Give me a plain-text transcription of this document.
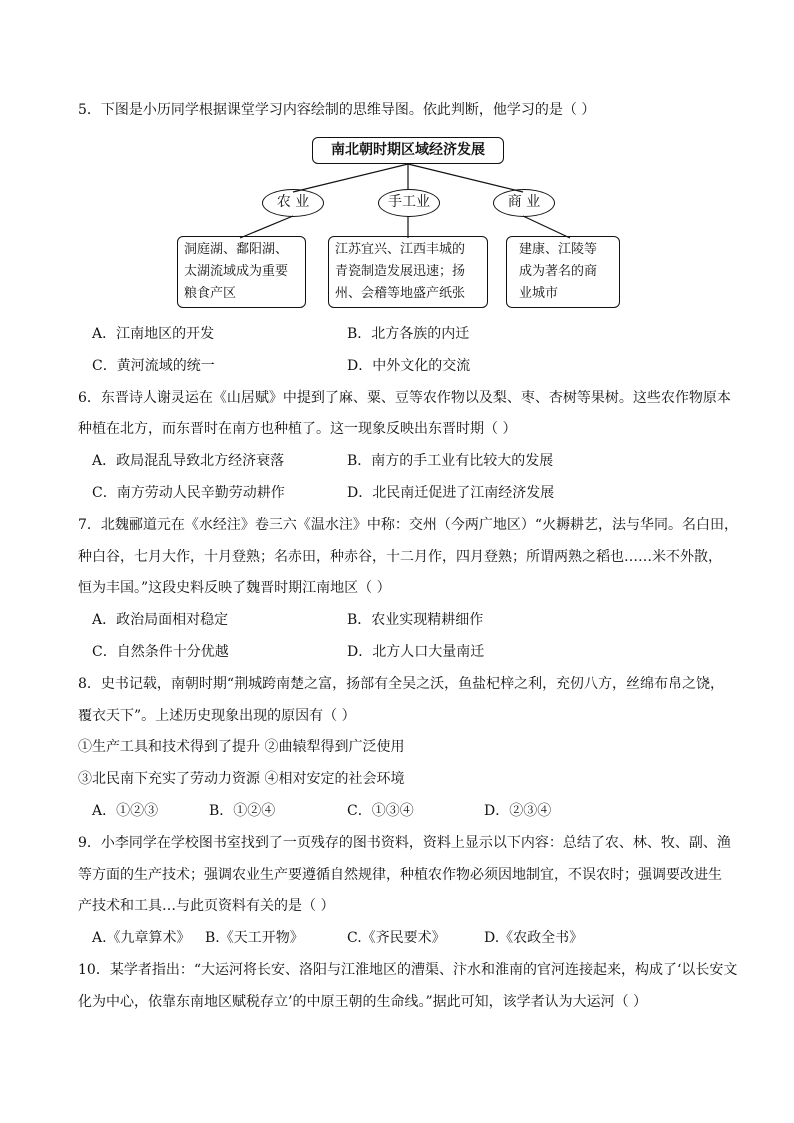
5．下图是小历同学根据课堂学习内容绘制的思维导图。依此判断，他学习的是（ ）
南北朝时期区域经济发展
农 业	手工业	商 业
洞庭湖、鄱阳湖、
太湖流域成为重要
粮食产区
江苏宜兴、江西丰城的
青瓷制造发展迅速；扬
州、会稽等地盛产纸张
建康、江陵等
成为著名的商
业城市
A．江南地区的开发	B．北方各族的内迁
C．黄河流域的统一	D．中外文化的交流
6．东晋诗人谢灵运在《山居赋》中提到了麻、粟、豆等农作物以及梨、枣、杏树等果树。这些农作物原本
种植在北方，而东晋时在南方也种植了。这一现象反映出东晋时期（ ）
A．政局混乱导致北方经济衰落	B．南方的手工业有比较大的发展
C．南方劳动人民辛勤劳动耕作	D．北民南迁促进了江南经济发展
7．北魏郦道元在《水经注》卷三六《温水注》中称：交州（今两广地区）“火耨耕艺，法与华同。名白田，
种白谷，七月大作，十月登熟；名赤田，种赤谷，十二月作，四月登熟；所谓两熟之稻也……米不外散，
恒为丰国。”这段史料反映了魏晋时期江南地区（ ）
A．政治局面相对稳定	B．农业实现精耕细作
C．自然条件十分优越	D．北方人口大量南迁
8．史书记载，南朝时期“荆城跨南楚之富，扬部有全吴之沃，鱼盐杞梓之利，充仞八方，丝绵布帛之饶，
覆衣天下”。上述历史现象出现的原因有（ ）
①生产工具和技术得到了提升 ②曲辕犁得到广泛使用
③北民南下充实了劳动力资源 ④相对安定的社会环境
A．①②③	B．①②④	C．①③④	D．②③④
9．小李同学在学校图书室找到了一页残存的图书资料，资料上显示以下内容：总结了农、林、牧、副、渔
等方面的生产技术；强调农业生产要遵循自然规律，种植农作物必须因地制宜，不误农时；强调要改进生
产技术和工具…与此页资料有关的是（ ）
A.《九章算术》 B.《天工开物》	C.《齐民要术》	D.《农政全书》
10．某学者指出：“大运河将长安、洛阳与江淮地区的漕渠、汴水和淮南的官河连接起来，构成了‘以长安文
化为中心，依靠东南地区赋税存立’的中原王朝的生命线。”据此可知，该学者认为大运河（ ）
